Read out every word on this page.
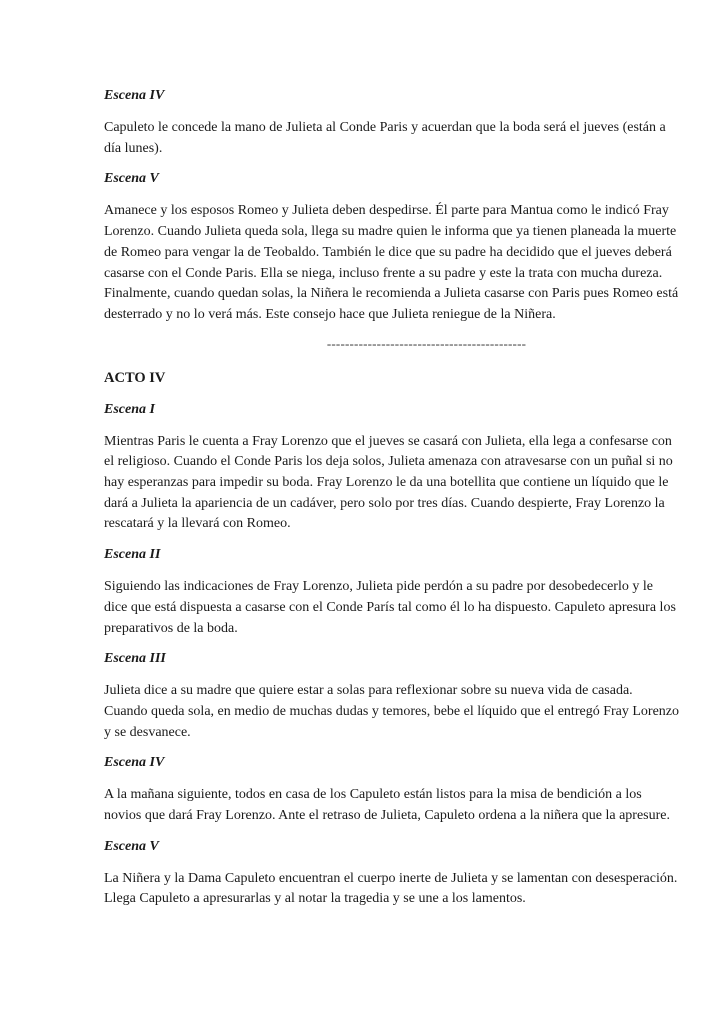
Escena IV

Capuleto le concede la mano de Julieta al Conde Paris y acuerdan que la boda será el jueves (están a día lunes).

Escena V

Amanece y los esposos Romeo y Julieta deben despedirse. Él parte para Mantua como le indicó Fray Lorenzo. Cuando Julieta queda sola, llega su madre quien le informa que ya tienen planeada la muerte de Romeo para vengar la de Teobaldo. También le dice que su padre ha decidido que el jueves deberá casarse con el Conde Paris. Ella se niega, incluso frente a su padre y este la trata con mucha dureza. Finalmente, cuando quedan solas, la Niñera le recomienda a Julieta casarse con Paris pues Romeo está desterrado y no lo verá más. Este consejo hace que Julieta reniegue de la Niñera.

--------------------------------------------
ACTO IV
Escena I

Mientras Paris le cuenta a Fray Lorenzo que el jueves se casará con Julieta, ella lega a confesarse con el religioso. Cuando el Conde Paris los deja solos, Julieta amenaza con atravesarse con un puñal si no hay esperanzas para impedir su boda. Fray Lorenzo le da una botellita que contiene un líquido que le dará a Julieta la apariencia de un cadáver, pero solo por tres días. Cuando despierte, Fray Lorenzo la rescatará y la llevará con Romeo.

Escena II

Siguiendo las indicaciones de Fray Lorenzo, Julieta pide perdón a su padre por desobedecerlo y le dice que está dispuesta a casarse con el Conde París tal como él lo ha dispuesto. Capuleto apresura los preparativos de la boda.

Escena III

Julieta dice a su madre que quiere estar a solas para reflexionar sobre su nueva vida de casada. Cuando queda sola, en medio de muchas dudas y temores, bebe el líquido que el entregó Fray Lorenzo y se desvanece.

Escena IV

A la mañana siguiente, todos en casa de los Capuleto están listos para la misa de bendición a los novios que dará Fray Lorenzo. Ante el retraso de Julieta, Capuleto ordena a la niñera que la apresure.

Escena V

La Niñera y la Dama Capuleto encuentran el cuerpo inerte de Julieta y se lamentan con desesperación. Llega Capuleto a apresurarlas y al notar la tragedia y se une a los lamentos.
